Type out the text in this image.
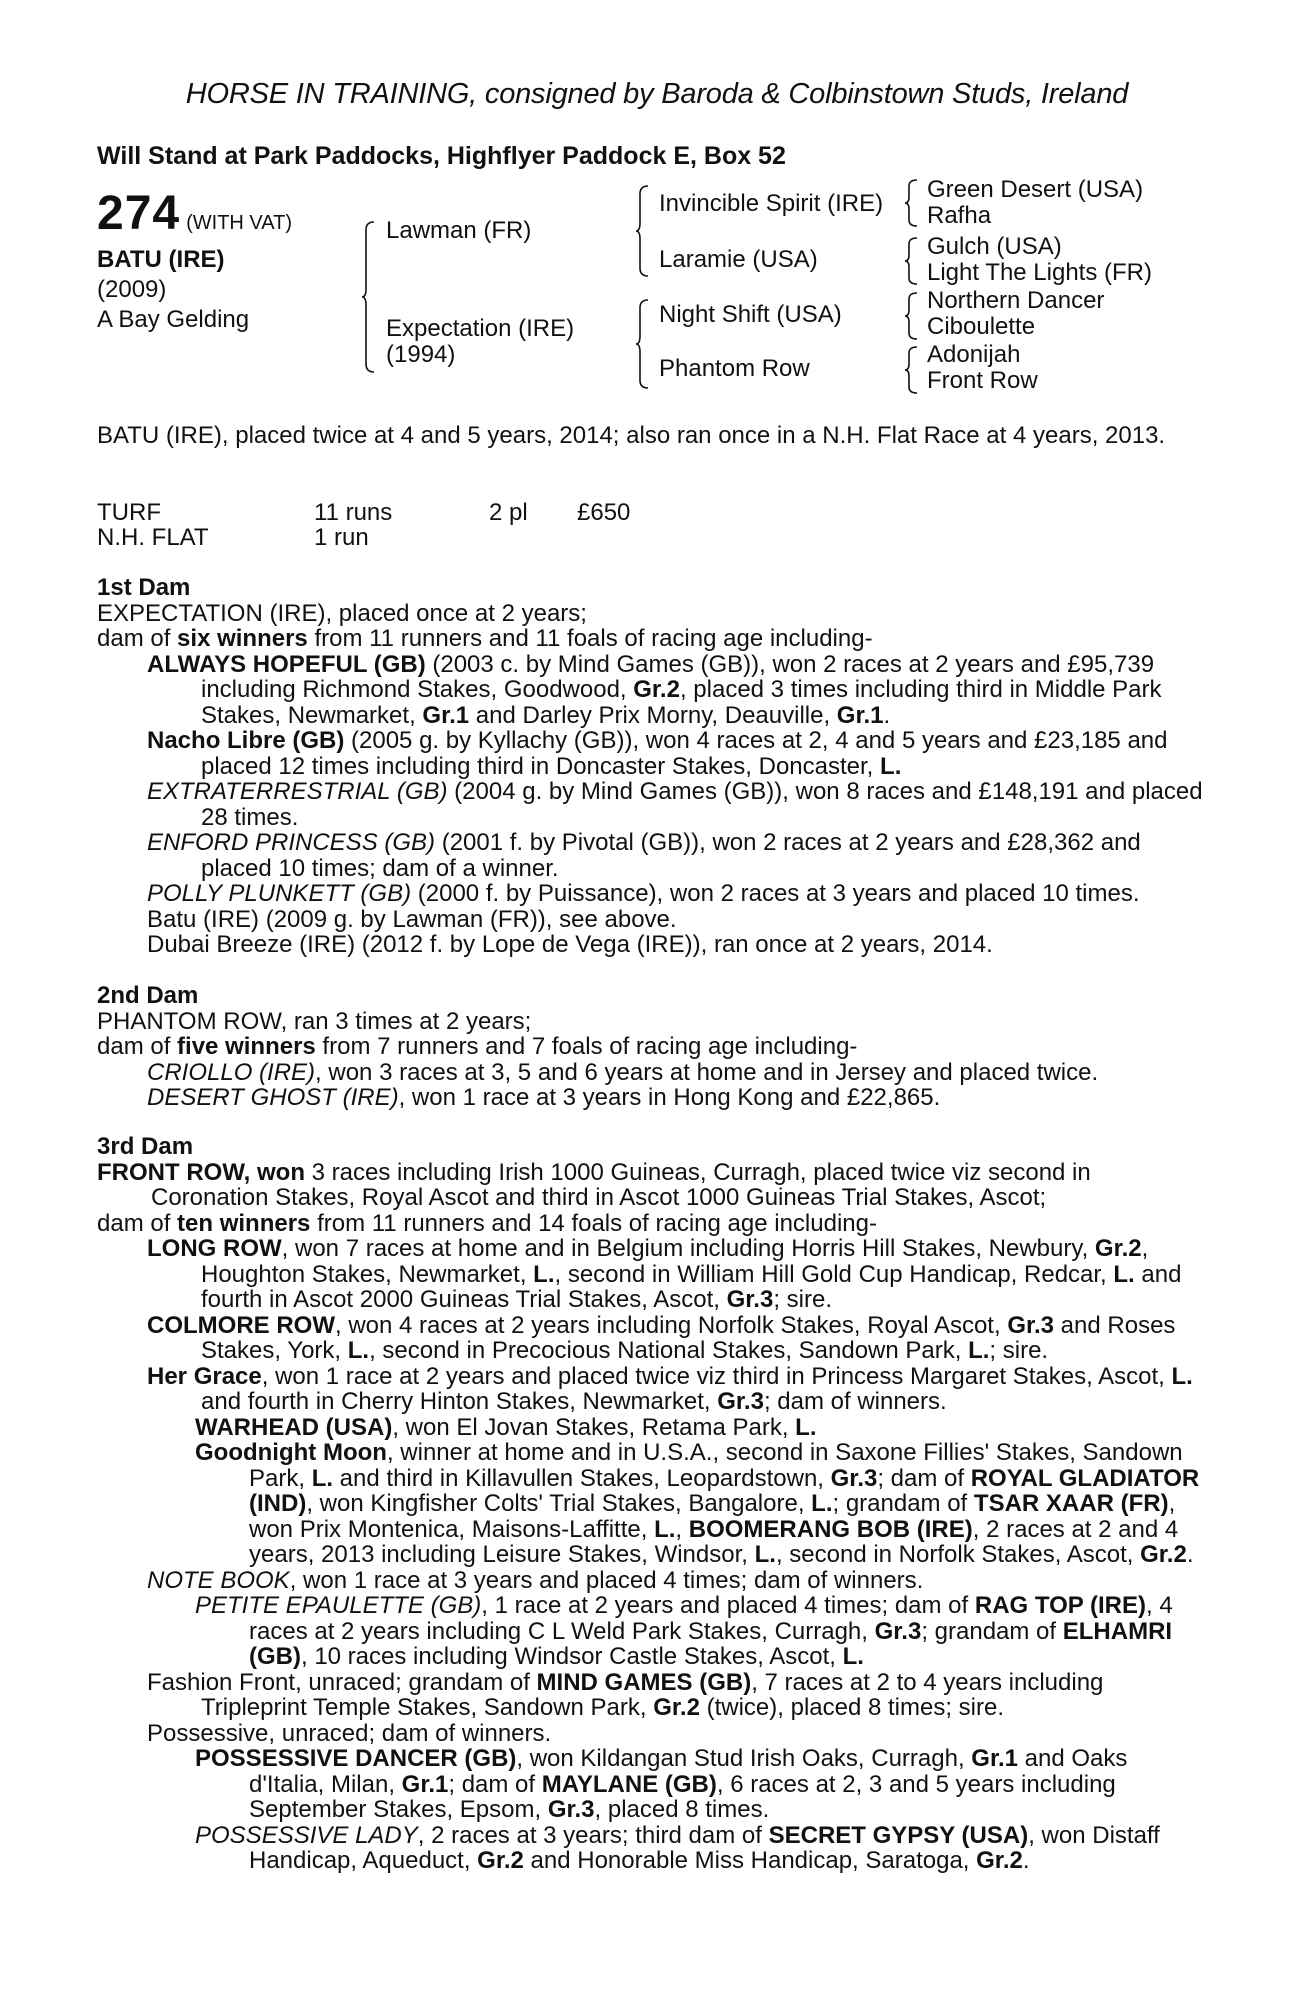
HORSE IN TRAINING, consigned by Baroda & Colbinstown Studs, Ireland
Will Stand at Park Paddocks, Highflyer Paddock E, Box 52
274 (WITH VAT)
BATU (IRE)
(2009)
A Bay Gelding
Lawman (FR)
Expectation (IRE)
(1994)
Invincible Spirit (IRE)
Laramie (USA)
Night Shift (USA)
Phantom Row
Green Desert (USA)
Rafha
Gulch (USA)
Light The Lights (FR)
Northern Dancer
Ciboulette
Adonijah
Front Row
BATU (IRE), placed twice at 4 and 5 years, 2014; also ran once in a N.H. Flat Race at 4 years, 2013.
TURF	11 runs	2 pl £650
N.H. FLAT	1 run
1st Dam
EXPECTATION (IRE), placed once at 2 years;
dam of six winners from 11 runners and 11 foals of racing age including-
ALWAYS HOPEFUL (GB) (2003 c. by Mind Games (GB)), won 2 races at 2 years and £95,739 including Richmond Stakes, Goodwood, Gr.2, placed 3 times including third in Middle Park Stakes, Newmarket, Gr.1 and Darley Prix Morny, Deauville, Gr.1.
Nacho Libre (GB) (2005 g. by Kyllachy (GB)), won 4 races at 2, 4 and 5 years and £23,185 and placed 12 times including third in Doncaster Stakes, Doncaster, L.
EXTRATERRESTRIAL (GB) (2004 g. by Mind Games (GB)), won 8 races and £148,191 and placed 28 times.
ENFORD PRINCESS (GB) (2001 f. by Pivotal (GB)), won 2 races at 2 years and £28,362 and placed 10 times; dam of a winner.
POLLY PLUNKETT (GB) (2000 f. by Puissance), won 2 races at 3 years and placed 10 times.
Batu (IRE) (2009 g. by Lawman (FR)), see above.
Dubai Breeze (IRE) (2012 f. by Lope de Vega (IRE)), ran once at 2 years, 2014.
2nd Dam
PHANTOM ROW, ran 3 times at 2 years;
dam of five winners from 7 runners and 7 foals of racing age including-
CRIOLLO (IRE), won 3 races at 3, 5 and 6 years at home and in Jersey and placed twice.
DESERT GHOST (IRE), won 1 race at 3 years in Hong Kong and £22,865.
3rd Dam
FRONT ROW, won 3 races including Irish 1000 Guineas, Curragh, placed twice viz second in Coronation Stakes, Royal Ascot and third in Ascot 1000 Guineas Trial Stakes, Ascot;
dam of ten winners from 11 runners and 14 foals of racing age including-
LONG ROW, won 7 races at home and in Belgium including Horris Hill Stakes, Newbury, Gr.2, Houghton Stakes, Newmarket, L., second in William Hill Gold Cup Handicap, Redcar, L. and fourth in Ascot 2000 Guineas Trial Stakes, Ascot, Gr.3; sire.
COLMORE ROW, won 4 races at 2 years including Norfolk Stakes, Royal Ascot, Gr.3 and Roses Stakes, York, L., second in Precocious National Stakes, Sandown Park, L.; sire.
Her Grace, won 1 race at 2 years and placed twice viz third in Princess Margaret Stakes, Ascot, L. and fourth in Cherry Hinton Stakes, Newmarket, Gr.3; dam of winners.
WARHEAD (USA), won El Jovan Stakes, Retama Park, L.
Goodnight Moon, winner at home and in U.S.A., second in Saxone Fillies' Stakes, Sandown Park, L. and third in Killavullen Stakes, Leopardstown, Gr.3; dam of ROYAL GLADIATOR (IND), won Kingfisher Colts' Trial Stakes, Bangalore, L.; grandam of TSAR XAAR (FR), won Prix Montenica, Maisons-Laffitte, L., BOOMERANG BOB (IRE), 2 races at 2 and 4 years, 2013 including Leisure Stakes, Windsor, L., second in Norfolk Stakes, Ascot, Gr.2.
NOTE BOOK, won 1 race at 3 years and placed 4 times; dam of winners.
PETITE EPAULETTE (GB), 1 race at 2 years and placed 4 times; dam of RAG TOP (IRE), 4 races at 2 years including C L Weld Park Stakes, Curragh, Gr.3; grandam of ELHAMRI (GB), 10 races including Windsor Castle Stakes, Ascot, L.
Fashion Front, unraced; grandam of MIND GAMES (GB), 7 races at 2 to 4 years including Tripleprint Temple Stakes, Sandown Park, Gr.2 (twice), placed 8 times; sire.
Possessive, unraced; dam of winners.
POSSESSIVE DANCER (GB), won Kildangan Stud Irish Oaks, Curragh, Gr.1 and Oaks d'Italia, Milan, Gr.1; dam of MAYLANE (GB), 6 races at 2, 3 and 5 years including September Stakes, Epsom, Gr.3, placed 8 times.
POSSESSIVE LADY, 2 races at 3 years; third dam of SECRET GYPSY (USA), won Distaff Handicap, Aqueduct, Gr.2 and Honorable Miss Handicap, Saratoga, Gr.2.
